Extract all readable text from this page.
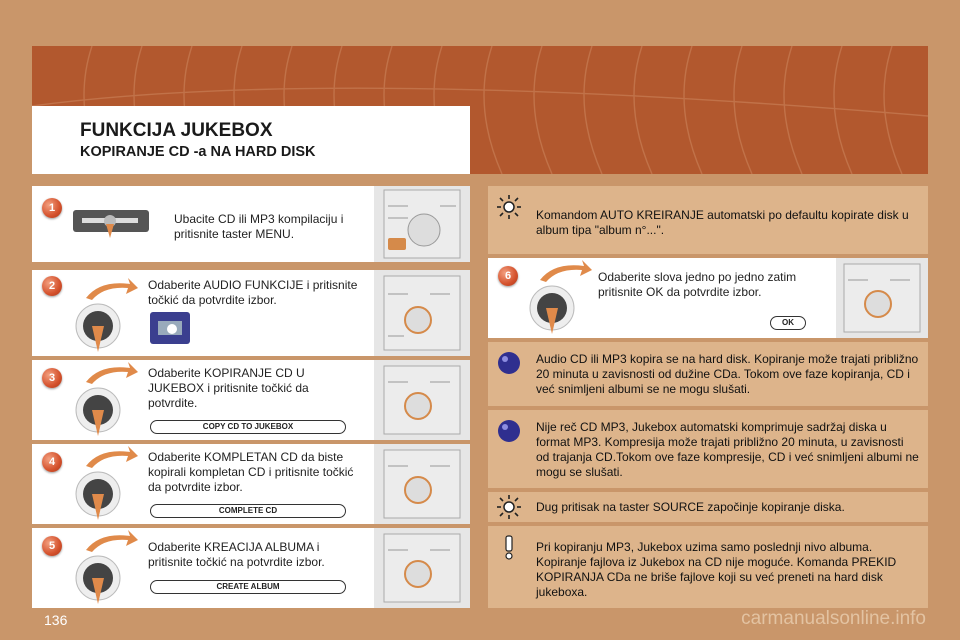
FUNKCIJA JUKEBOX
KOPIRANJE CD -a NA HARD DISK
1
Ubacite CD ili MP3 kompilaciju i pritisnite taster MENU.
2	Odaberite AUDIO FUNKCIJE i pritisnite točkić da potvrdite izbor.
3	Odaberite KOPIRANJE CD U JUKEBOX i pritisnite točkić da potvrdite.
COPY CD TO JUKEBOX
4	Odaberite KOMPLETAN CD da biste kopirali kompletan CD i pritisnite točkić da potvrdite izbor.
COMPLETE CD
5	Odaberite KREACIJA ALBUMA i pritisnite točkić na potvrdite izbor.
CREATE ALBUM
Komandom AUTO KREIRANJE automatski po defaultu kopirate disk u album tipa "album n°...".
6	Odaberite slova jedno po jedno zatim pritisnite OK da potvrdite izbor.
OK
Audio CD ili MP3 kopira se na hard disk. Kopiranje može trajati približno 20 minuta u zavisnosti od dužine CDa. Tokom ove faze kopiranja, CD i već snimljeni albumi se ne mogu slušati.
Nije reč CD MP3, Jukebox automatski komprimuje sadržaj diska u format MP3. Kompresija može trajati približno 20 minuta, u zavisnosti od trajanja CD.Tokom ove faze kompresije, CD i već snimljeni albumi ne mogu se slušati.
Dug pritisak na taster SOURCE započinje kopiranje diska.
Pri kopiranju MP3, Jukebox uzima samo poslednji nivo albuma. Kopiranje fajlova iz Jukebox na CD nije moguće. Komanda PREKID KOPIRANJA CDa ne briše fajlove koji su već preneti na hard disk jukeboxa.
136	carmanualsonline.info
